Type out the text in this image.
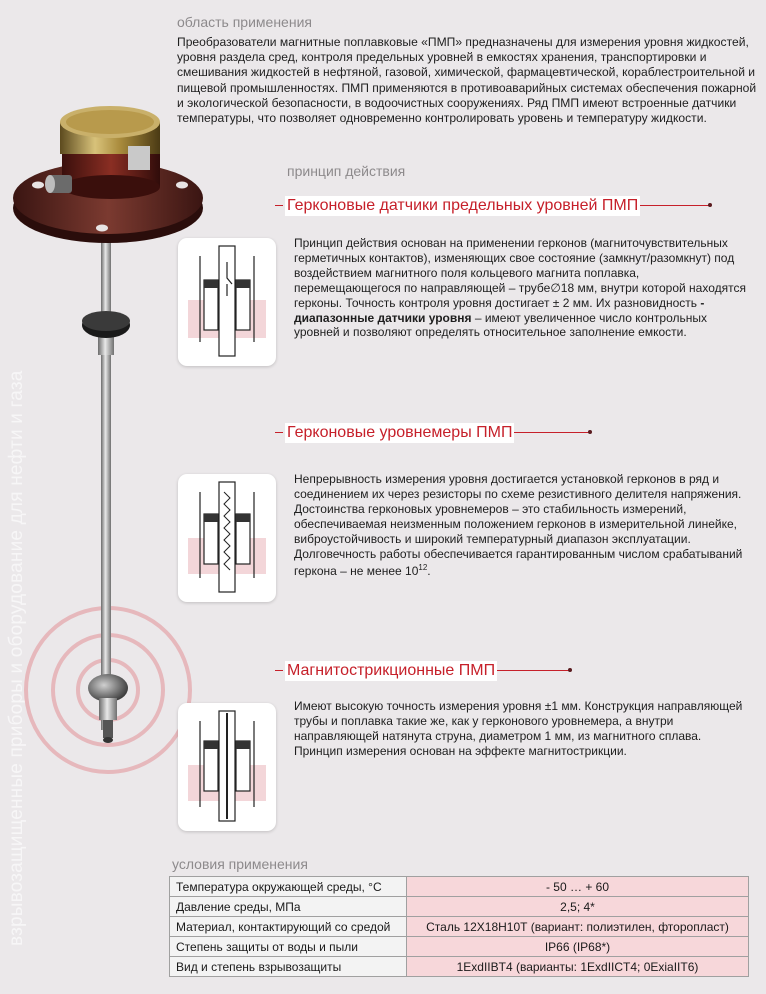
взрывозащищенные приборы и оборудование для нефти и газа
область применения
Преобразователи магнитные поплавковые «ПМП» предназначены для измерения уровня жидкостей, уровня раздела сред, контроля предельных уровней в емкостях хранения, транспортировки и смешивания жидкостей в нефтяной, газовой, химической, фармацевтической, кораблестроительной и пищевой промышленностях. ПМП применяются в противоаварийных системах обеспечения пожарной и экологической безопасности, в водоочистных сооружениях. Ряд ПМП имеют встроенные датчики температуры, что позволяет одновременно контролировать уровень и температуру жидкости.
принцип действия
Герконовые датчики предельных уровней ПМП
Принцип действия основан на применении герконов (магниточувствительных герметичных контактов), изменяющих свое состояние (замкнут/разомкнут) под воздействием магнитного поля кольцевого магнита поплавка, перемещающегося по направляющей – трубе∅18 мм, внутри которой находятся герконы. Точность контроля уровня достигает ± 2 мм. Их разновидность - диапазонные датчики уровня – имеют увеличенное число контрольных уровней и позволяют определять относительное заполнение емкости.
Герконовые уровнемеры ПМП
Непрерывность измерения уровня достигается установкой герконов в ряд и соединением их через резисторы по схеме резистивного делителя напряжения. Достоинства герконовых уровнемеров – это стабильность измерений, обеспечиваемая неизменным положением герконов в измерительной линейке, виброустойчивость и широкий температурный диапазон эксплуатации. Долговечность работы обеспечивается гарантированным числом срабатываний геркона – не менее $10^{12}$.
Магнитострикционные ПМП
Имеют высокую точность измерения уровня ±1 мм. Конструкция направляющей трубы и поплавка такие же, как у герконового уровнемера, а внутри направляющей натянута струна, диаметром 1 мм, из магнитного сплава. Принцип измерения основан на эффекте магнитострикции.
условия применения
Температура окружающей среды, °С	- 50 … + 60
Давление среды, МПа	2,5; 4*
Материал, контактирующий со средой	Сталь 12Х18Н10Т (вариант: полиэтилен, фторопласт)
Степень защиты от воды и пыли	IP66 (IP68*)
Вид и степень взрывозащиты	1ExdIIBT4 (варианты: 1ExdIICT4; 0ExiaIIT6)
